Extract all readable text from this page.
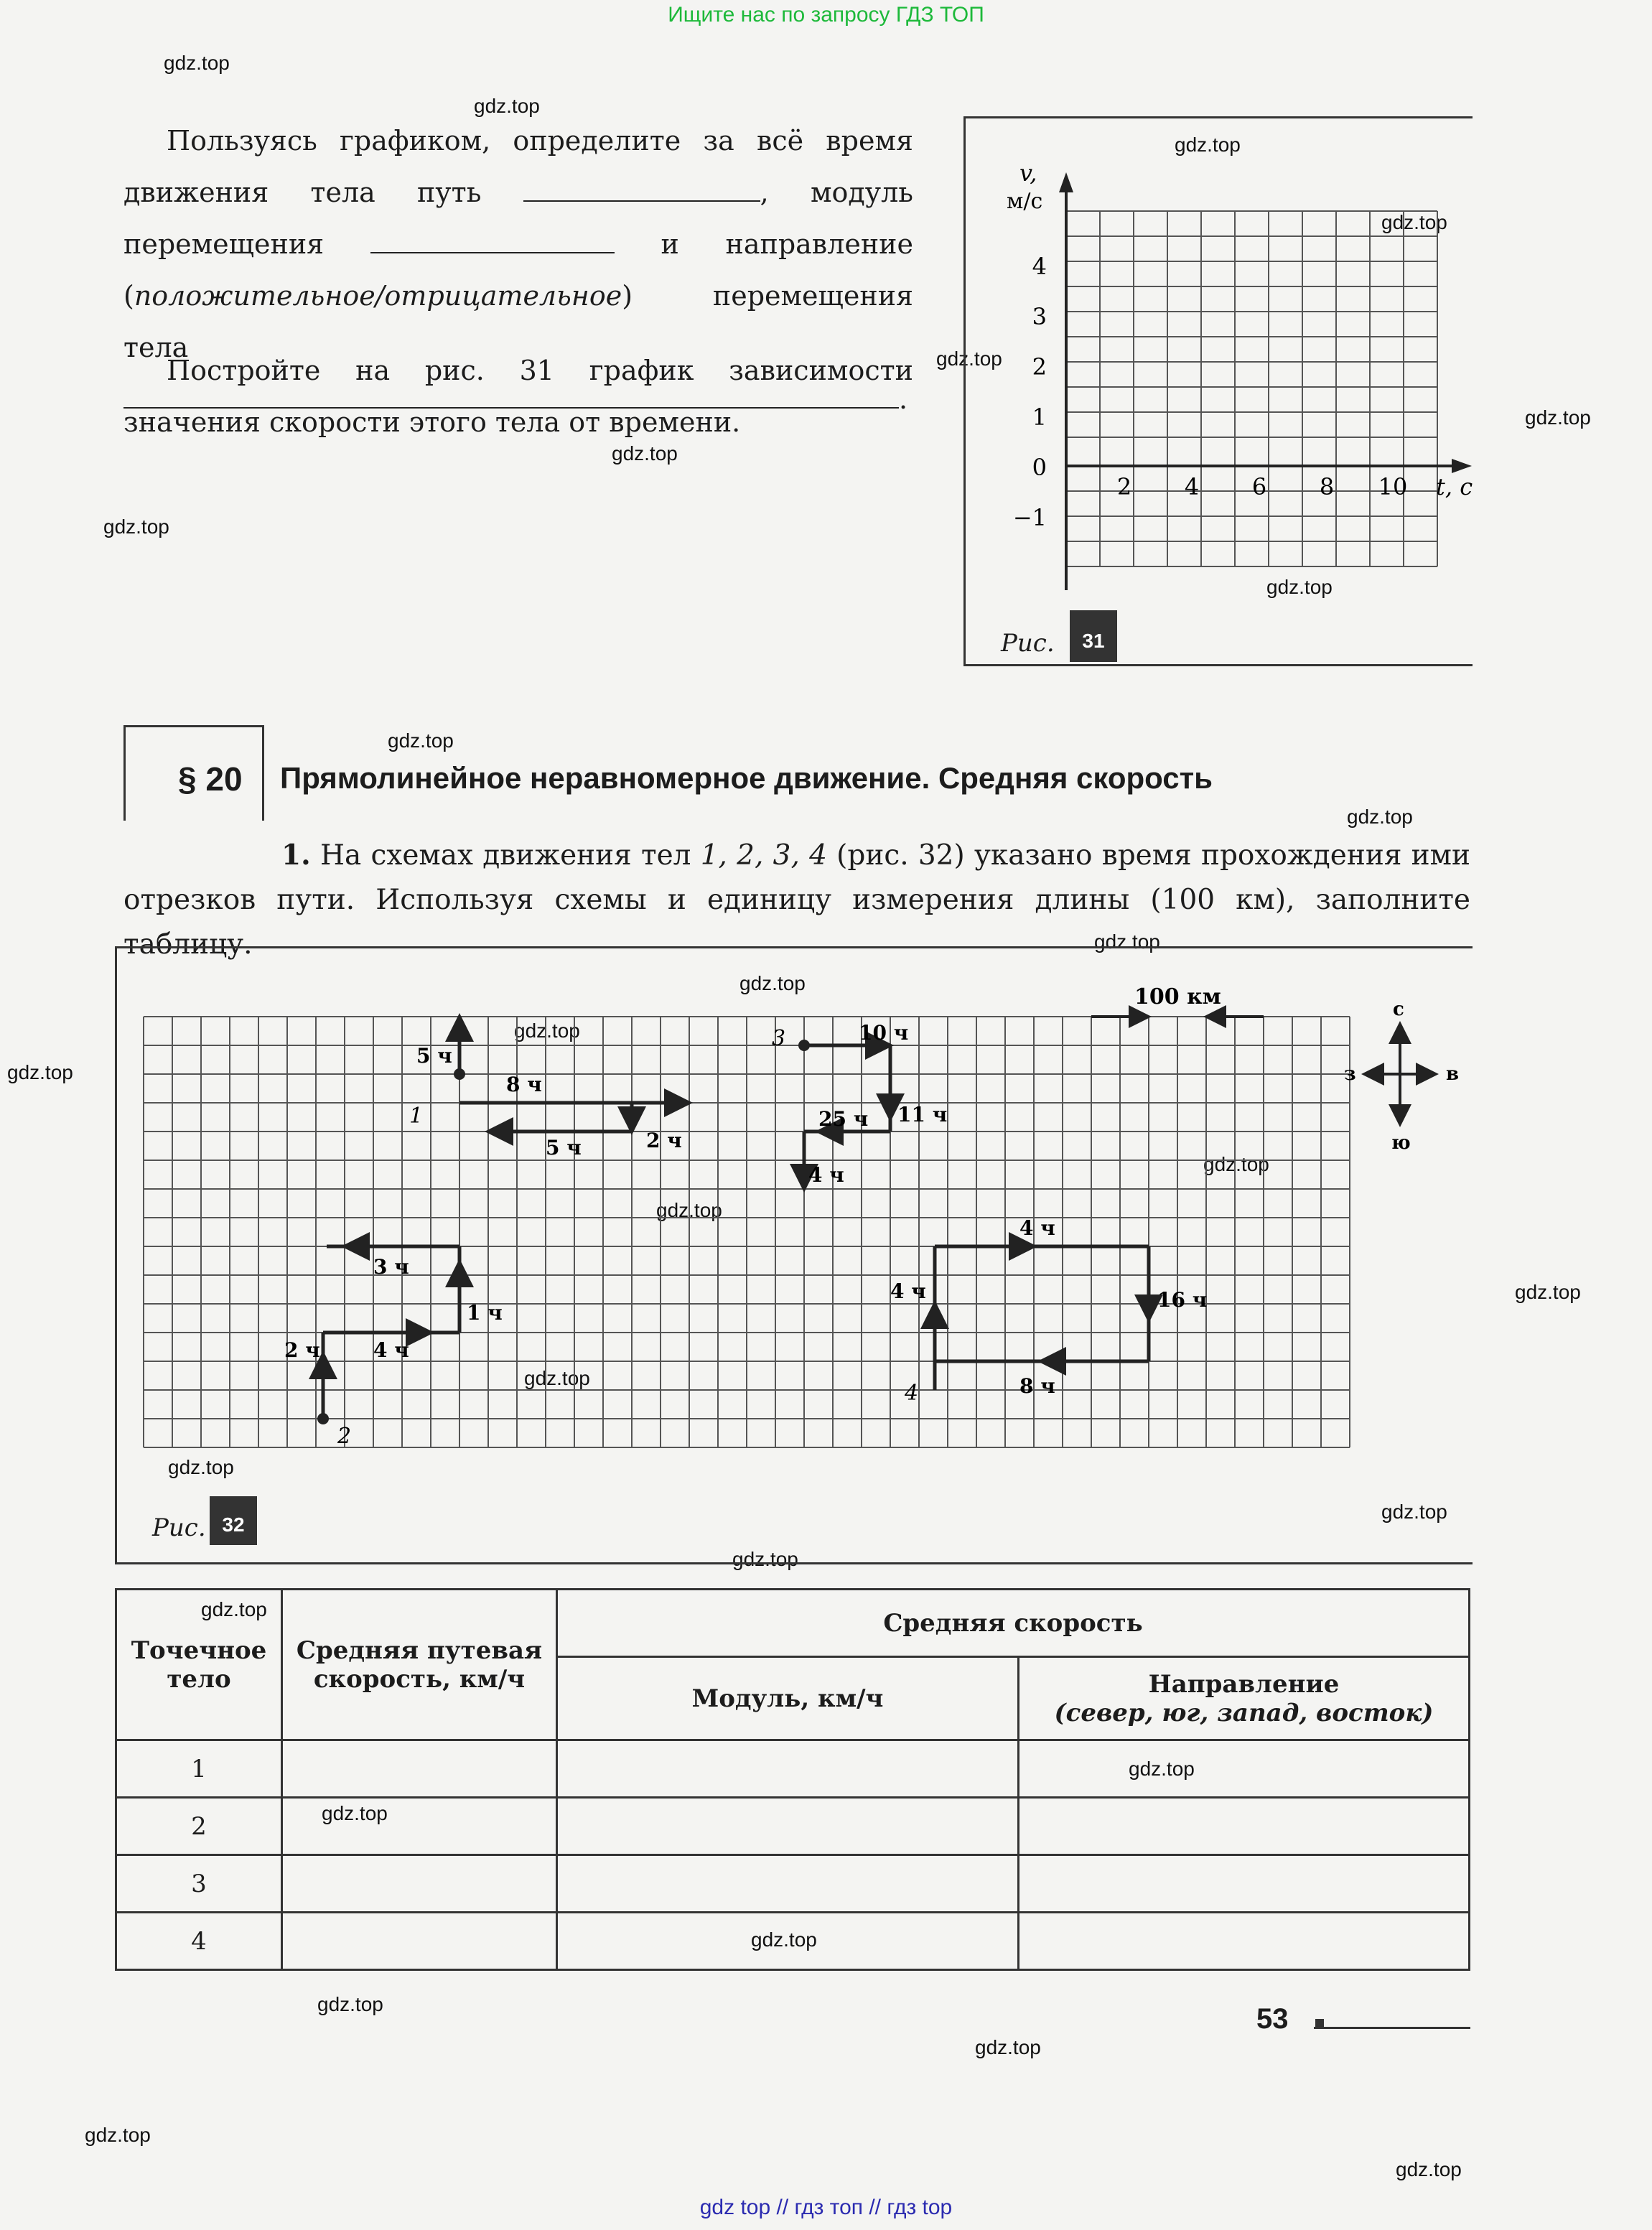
Ищите нас по запросу ГДЗ ТОП
gdz top // гдз топ // гдз top
gdz.top
gdz.top
gdz.top
gdz.top
gdz.top
gdz.top
gdz.top
gdz.top
gdz.top
gdz.top
gdz.top
gdz.top
gdz.top
gdz.top
gdz.top
gdz.top
gdz.top
gdz.top
gdz.top
gdz.top
gdz.top
gdz.top
gdz.top
gdz.top
gdz.top
gdz.top
gdz.top
gdz.top
gdz.top
gdz.top
Пользуясь графиком, определите за всё время движения тела путь	, модуль перемещения	и направление (положительное/отрицательное) перемещения тела .
Постройте на рис. 31 график зависимости значения скорости этого тела от времени.
v,
м/с
4
3
2
1
0
−1
2 4 6 8 10 t, с
Рис.	31
§ 20 Прямолинейное неравномерное движение. Средняя скорость
1. На схемах движения тел 1, 2, 3, 4 (рис. 32) указано время прохождения ими отрезков пути. Используя схемы и единицу измерения длины (100 км), заполните таблицу.
1
5 ч
8 ч
2 ч
5 ч
2
2 ч	4 ч
1 ч
3 ч
3	10 ч
25 ч 11 ч
4 ч
4
4 ч
4 ч
16 ч
8 ч
100 км	с
ю
з	в
Рис. 32
Точечное тело	Средняя путевая скорость, км/ч	Средняя скорость	
		Модуль, км/ч	Направление
(север, юг, запад, восток)

1			
2			
3			
4			
53
